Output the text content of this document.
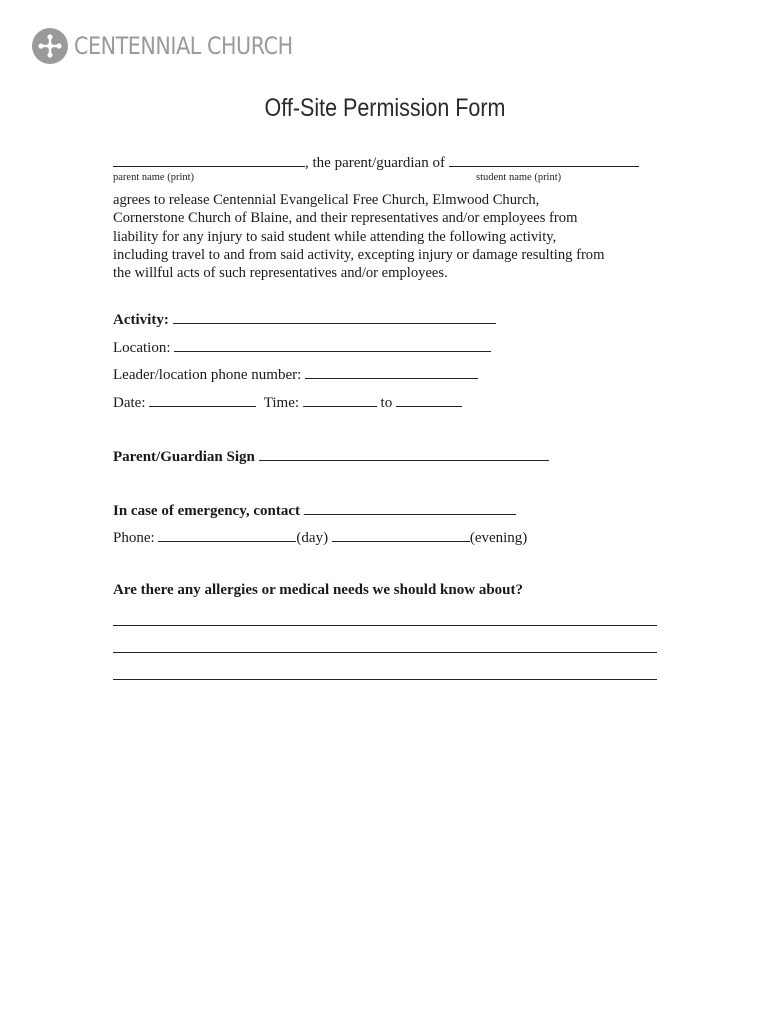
CENTENNIAL CHURCH
Off-Site Permission Form
, the parent/guardian of
parent name (print)	student name (print)
agrees to release Centennial Evangelical Free Church, Elmwood Church,
Cornerstone Church of Blaine, and their representatives and/or employees from
liability for any injury to said student while attending the following activity,
including travel to and from said activity, excepting injury or damage resulting from
the willful acts of such representatives and/or employees.
Activity:
Location:
Leader/location phone number:
Date:	Time:	to
Parent/Guardian Sign
In case of emergency, contact
Phone:	(day)	(evening)
Are there any allergies or medical needs we should know about?
